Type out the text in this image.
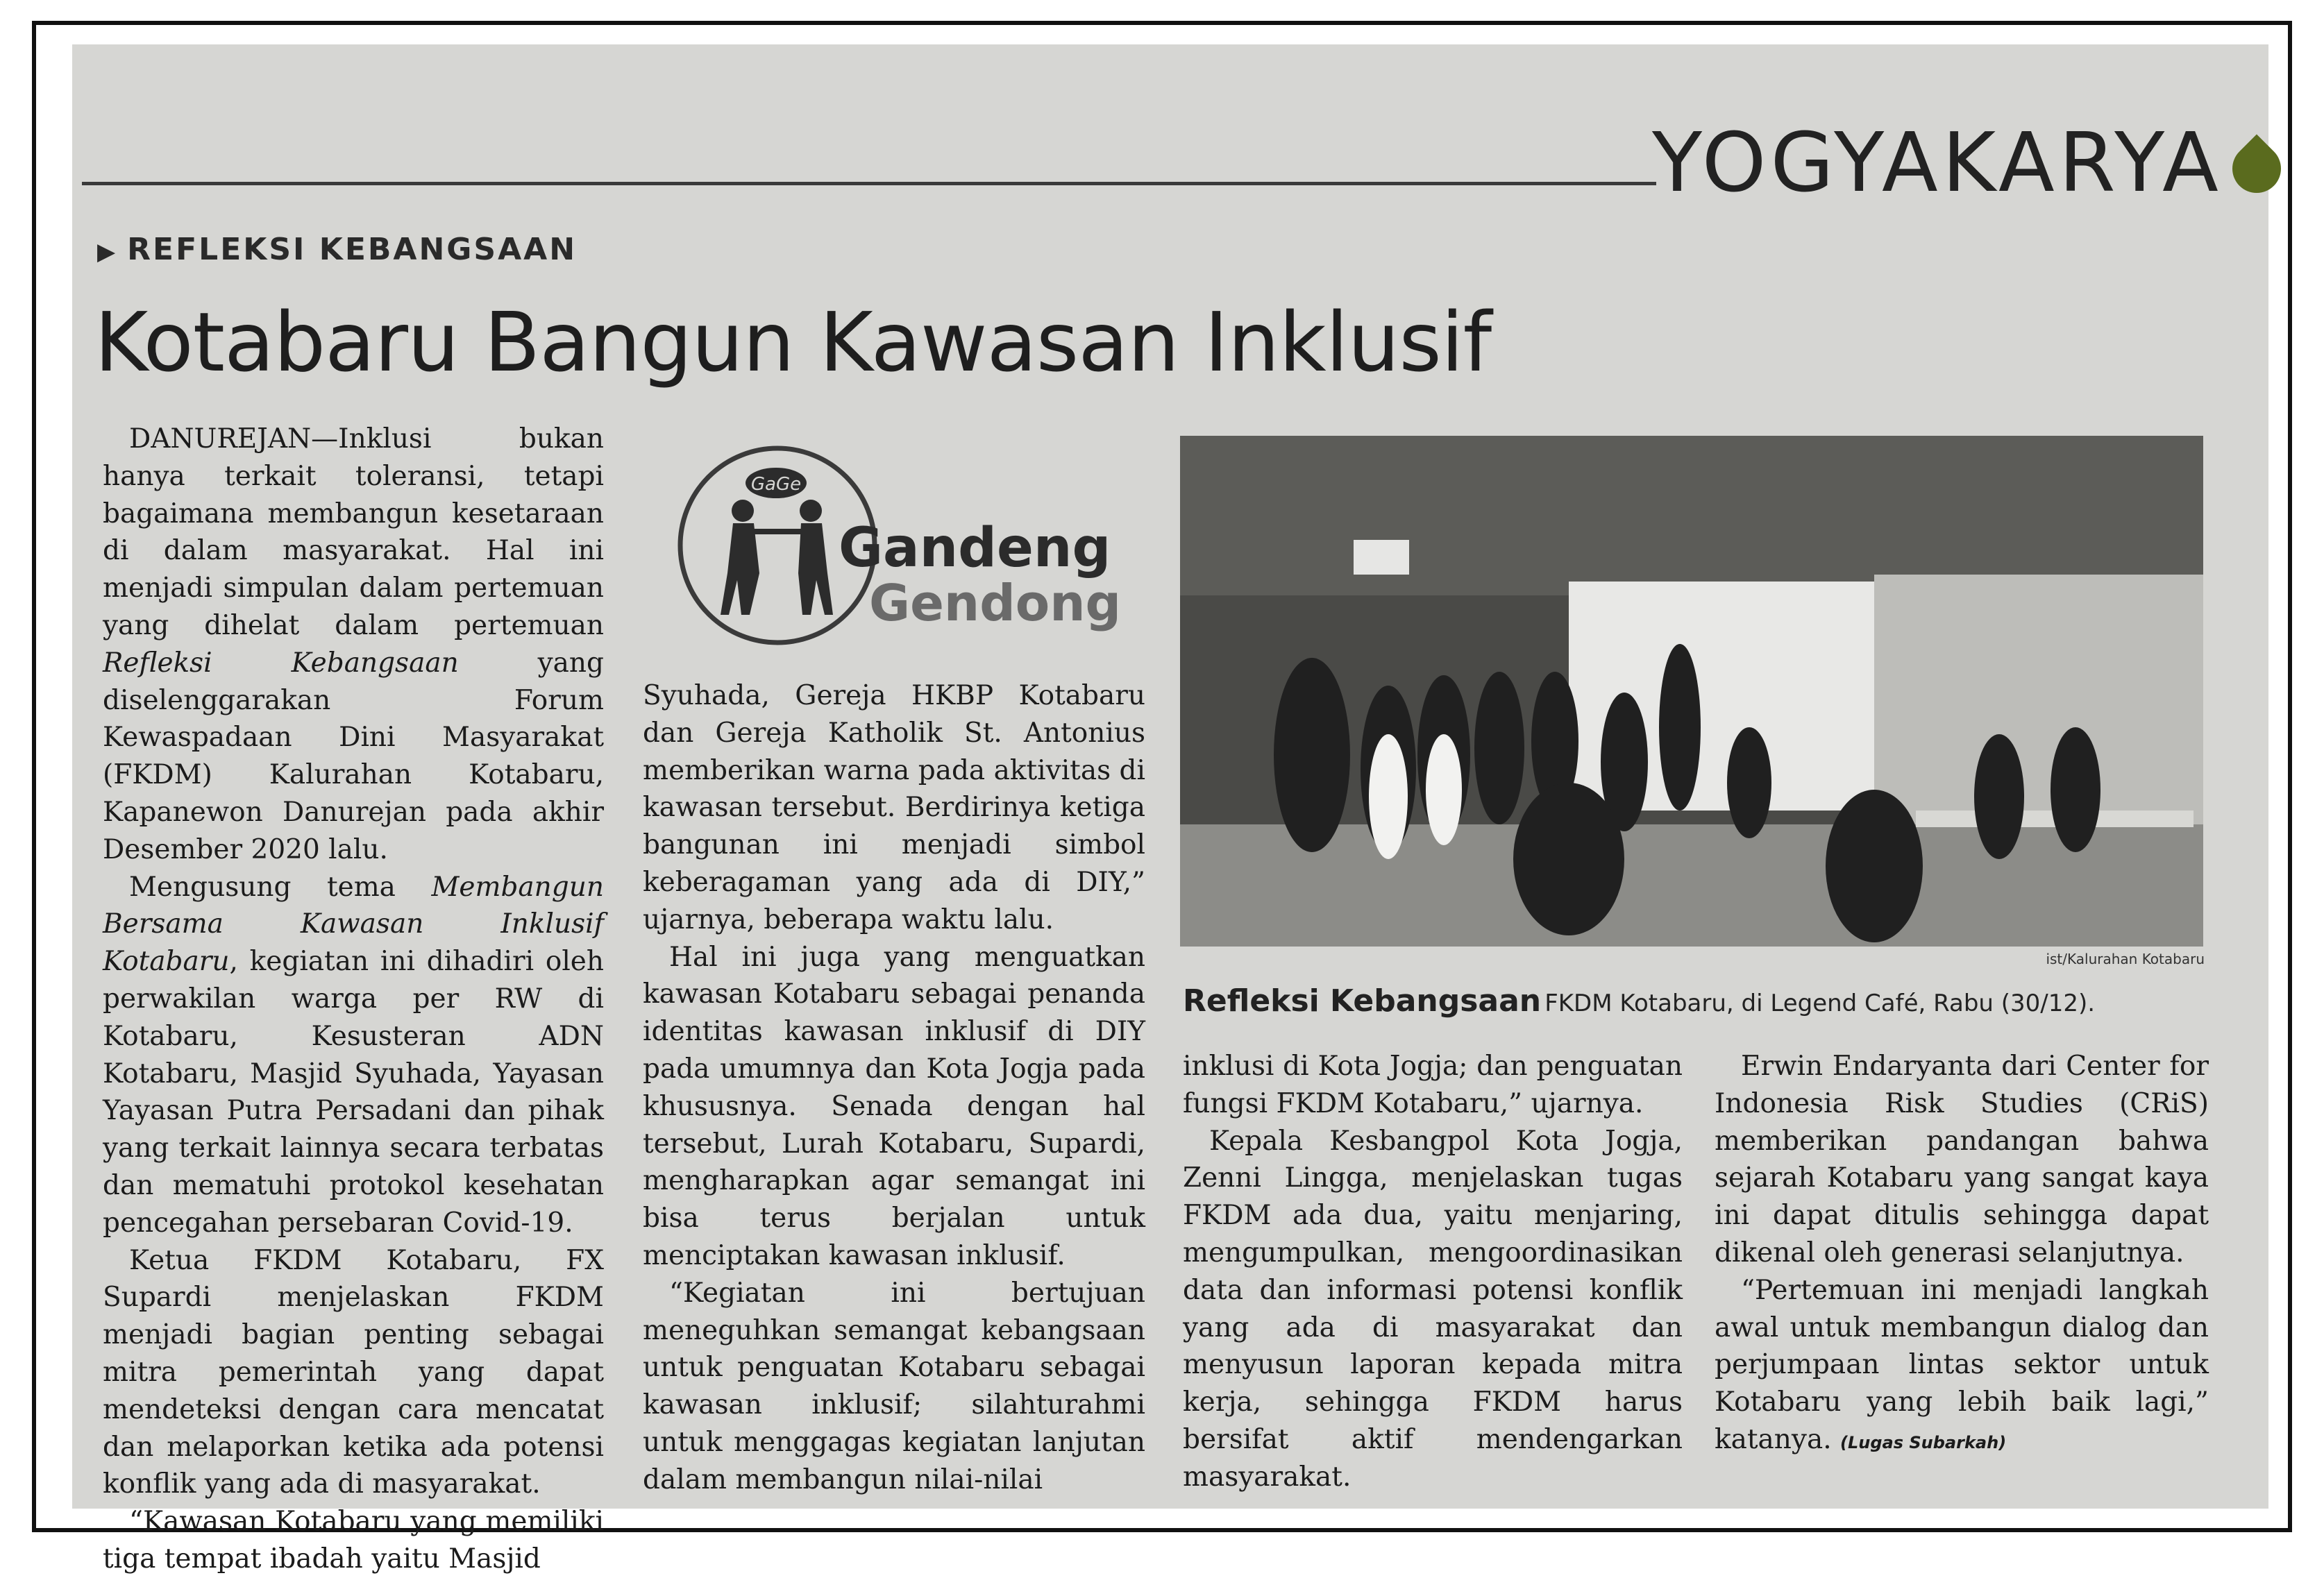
YOGYAKARYA
▶ REFLEKSI KEBANGSAAN
Kotabaru Bangun Kawasan Inklusif

DANUREJAN—Inklusi bukan hanya terkait toleransi, tetapi bagaimana membangun kesetaraan di dalam masyarakat. Hal ini menjadi simpulan dalam pertemuan yang dihelat dalam pertemuan Refleksi Kebangsaan yang diselenggarakan Forum Kewaspadaan Dini Masyarakat (FKDM) Kalurahan Kotabaru, Kapanewon Danurejan pada akhir Desember 2020 lalu.

Mengusung tema Membangun Bersama Kawasan Inklusif Kotabaru, kegiatan ini dihadiri oleh perwakilan warga per RW di Kotabaru, Kesusteran ADN Kotabaru, Masjid Syuhada, Yayasan Yayasan Putra Persadani dan pihak yang terkait lainnya secara terbatas dan mematuhi protokol kesehatan pencegahan persebaran Covid-19.

Ketua FKDM Kotabaru, FX Supardi menjelaskan FKDM menjadi bagian penting sebagai mitra pemerintah yang dapat mendeteksi dengan cara mencatat dan melaporkan ketika ada potensi konflik yang ada di masyarakat.

“Kawasan Kotabaru yang memiliki tiga tempat ibadah yaitu Masjid

GaGe
Gandeng
Gendong

Syuhada, Gereja HKBP Kotabaru dan Gereja Katholik St. Antonius memberikan warna pada aktivitas di kawasan tersebut. Berdirinya ketiga bangunan ini menjadi simbol keberagaman yang ada di DIY,” ujarnya, beberapa waktu lalu.

Hal ini juga yang menguatkan kawasan Kotabaru sebagai penanda identitas kawasan inklusif di DIY pada umumnya dan Kota Jogja pada khususnya. Senada dengan hal tersebut, Lurah Kotabaru, Supardi, mengharapkan agar semangat ini bisa terus berjalan untuk menciptakan kawasan inklusif.

“Kegiatan ini bertujuan meneguhkan semangat kebangsaan untuk penguatan Kotabaru sebagai kawasan inklusif; silahturahmi untuk menggagas kegiatan lanjutan dalam membangun nilai-nilai

ist/Kalurahan Kotabaru
Refleksi Kebangsaan FKDM Kotabaru, di Legend Café, Rabu (30/12).

inklusi di Kota Jogja; dan penguatan fungsi FKDM Kotabaru,” ujarnya.

Kepala Kesbangpol Kota Jogja, Zenni Lingga, menjelaskan tugas FKDM ada dua, yaitu menjaring, mengumpulkan, mengoordinasikan data dan informasi potensi konflik yang ada di masyarakat dan menyusun laporan kepada mitra kerja, sehingga FKDM harus bersifat aktif mendengarkan masyarakat.

Erwin Endaryanta dari Center for Indonesia Risk Studies (CRiS) memberikan pandangan bahwa sejarah Kotabaru yang sangat kaya ini dapat ditulis sehingga dapat dikenal oleh generasi selanjutnya.

“Pertemuan ini menjadi langkah awal untuk membangun dialog dan perjumpaan lintas sektor untuk Kotabaru yang lebih baik lagi,” katanya. (Lugas Subarkah)
